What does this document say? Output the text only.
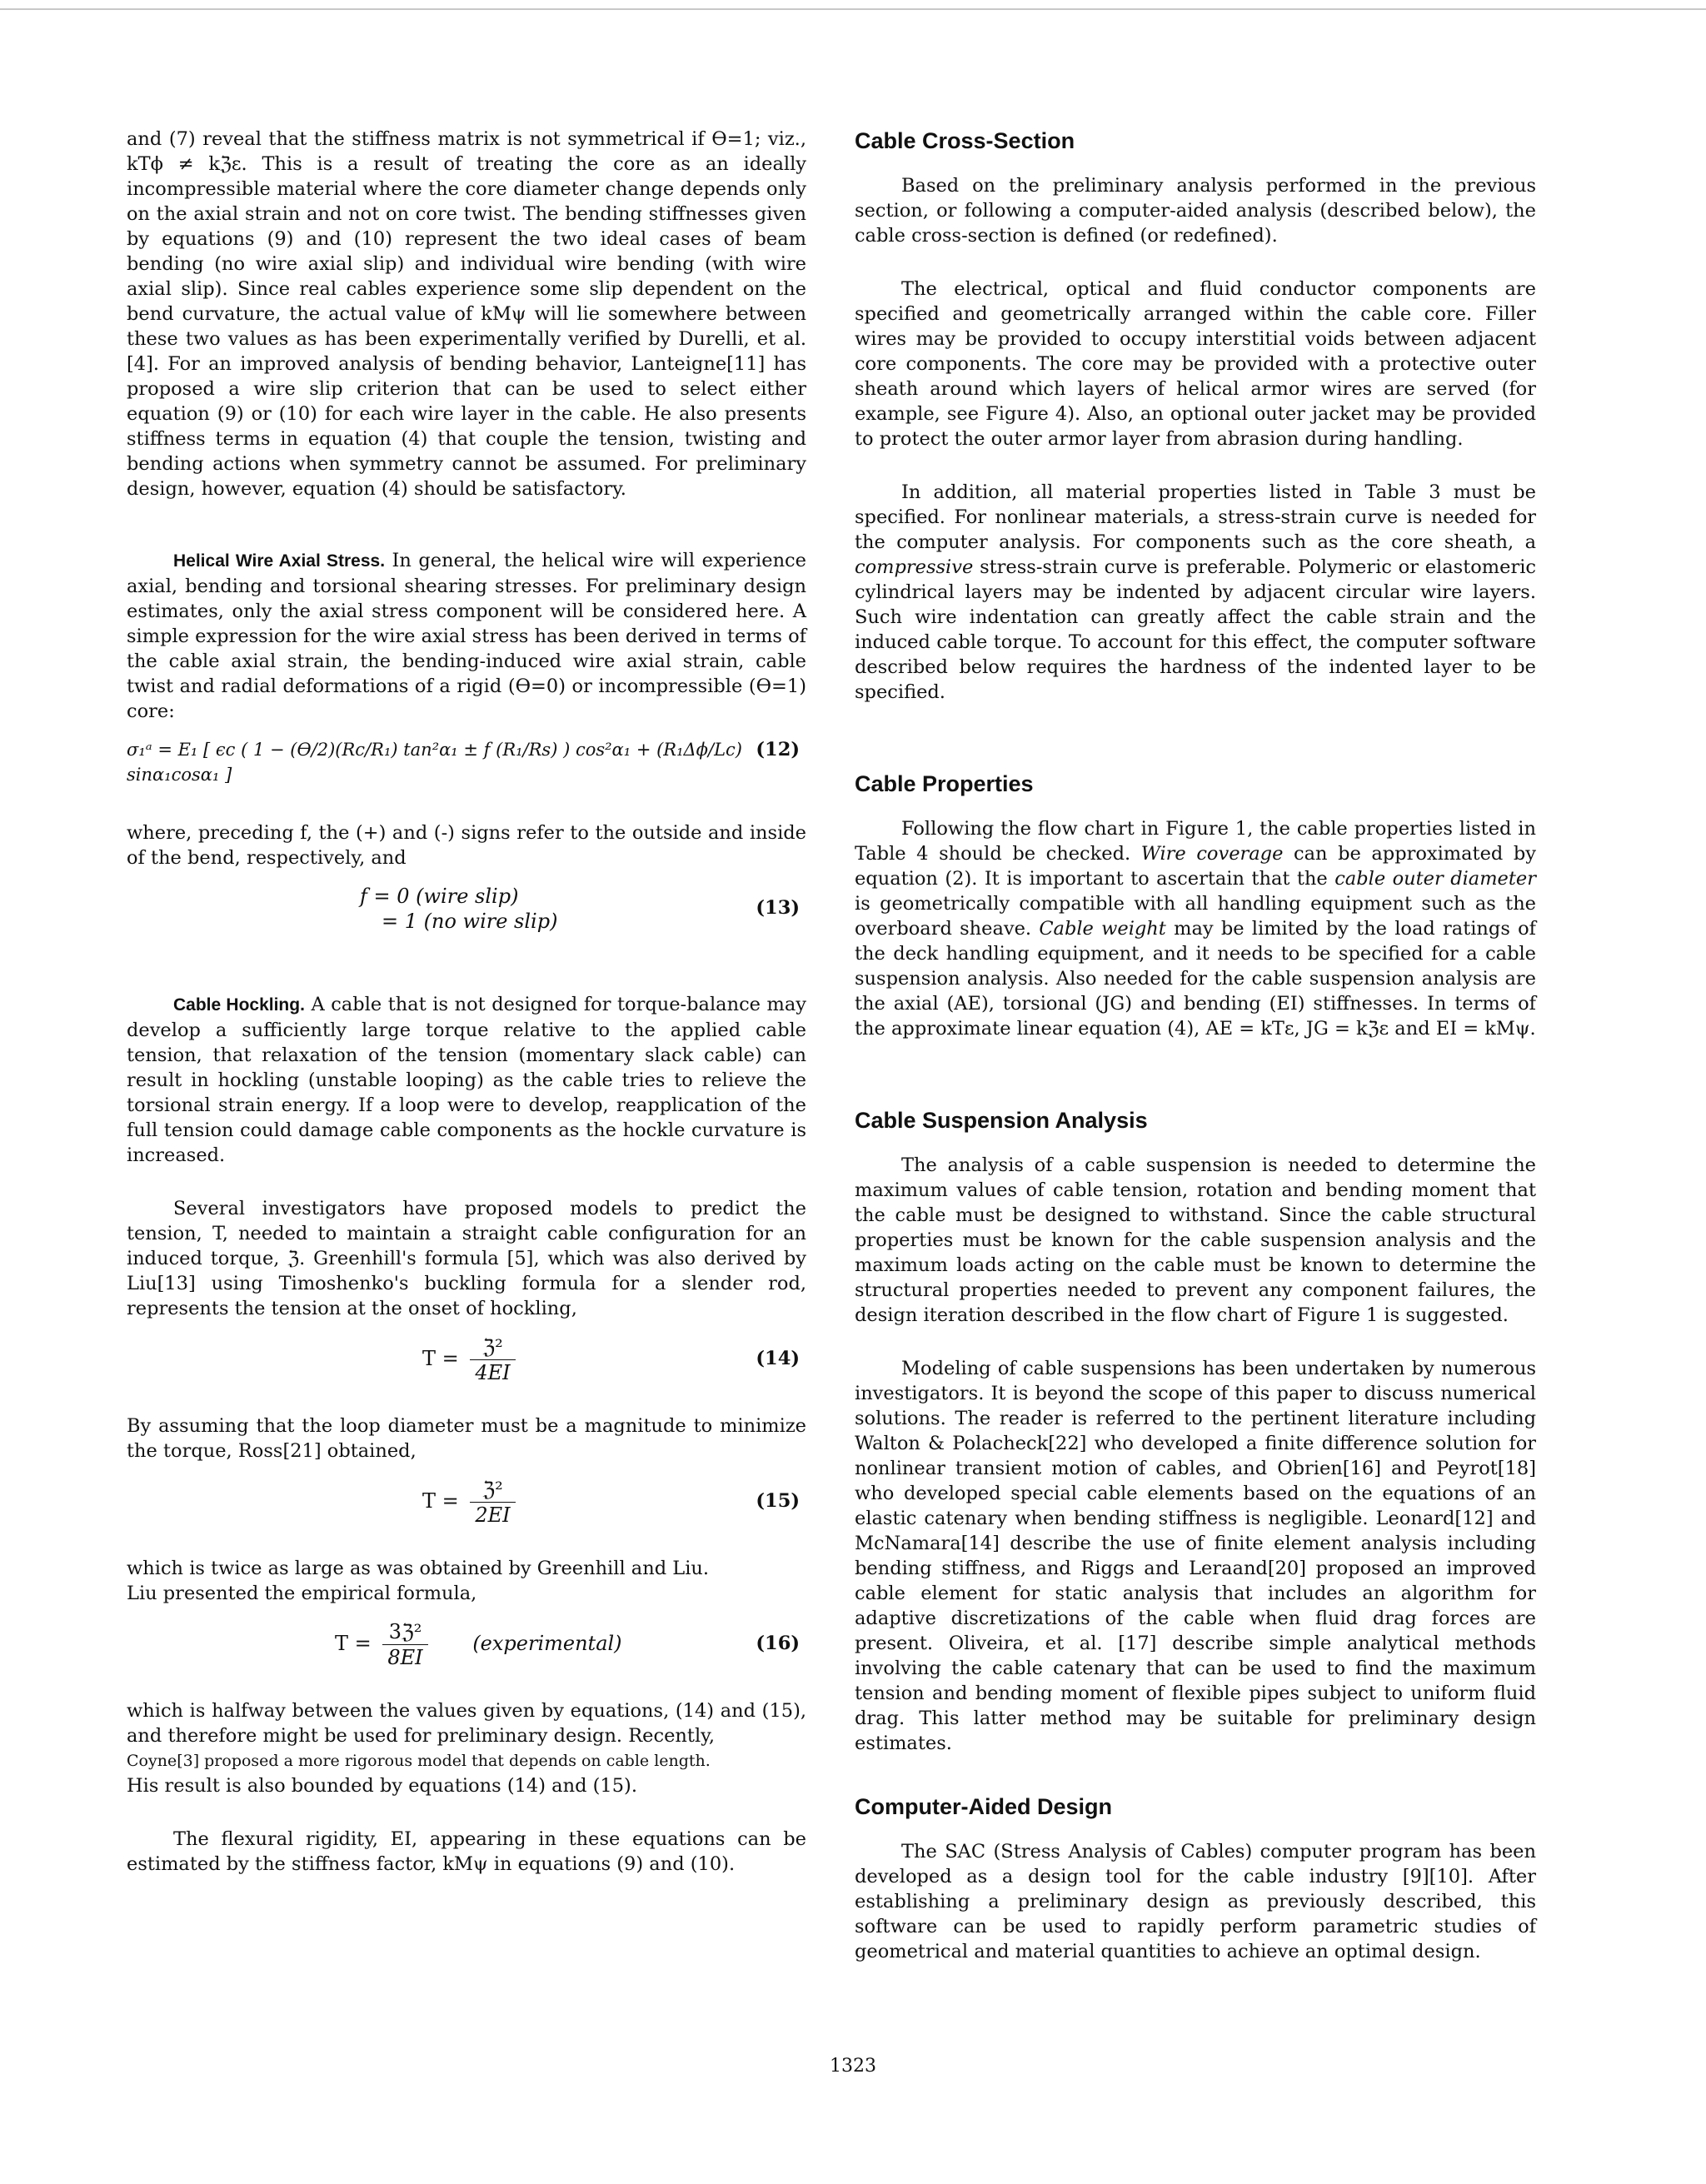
and (7) reveal that the stiffness matrix is not symmetrical if ϴ=1; viz., kTϕ ≠ kℨε. This is a result of treating the core as an ideally incompressible material where the core diameter change depends only on the axial strain and not on core twist. The bending stiffnesses given by equations (9) and (10) represent the two ideal cases of beam bending (no wire axial slip) and individual wire bending (with wire axial slip). Since real cables experience some slip dependent on the bend curvature, the actual value of kMψ will lie somewhere between these two values as has been experimentally verified by Durelli, et al. [4]. For an improved analysis of bending behavior, Lanteigne[11] has proposed a wire slip criterion that can be used to select either equation (9) or (10) for each wire layer in the cable. He also presents stiffness terms in equation (4) that couple the tension, twisting and bending actions when symmetry cannot be assumed. For preliminary design, however, equation (4) should be satisfactory.

Helical Wire Axial Stress. In general, the helical wire will experience axial, bending and torsional shearing stresses. For preliminary design estimates, only the axial stress component will be considered here. A simple expression for the wire axial stress has been derived in terms of the cable axial strain, the bending-induced wire axial strain, cable twist and radial deformations of a rigid (ϴ=0) or incompressible (ϴ=1) core:

σ₁ᵃ = E₁ [ ϵc ( 1 − (ϴ/2)(Rc/R₁) tan²α₁ ± f (R₁/Rs) ) cos²α₁ + (R₁Δϕ/Lc) sinα₁cosα₁ ]
(12)

where, preceding f, the (+) and (-) signs refer to the outside and inside of the bend, respectively, and

f = 0 (wire slip)
= 1 (no wire slip)
(13)

Cable Hockling. A cable that is not designed for torque-balance may develop a sufficiently large torque relative to the applied cable tension, that relaxation of the tension (momentary slack cable) can result in hockling (unstable looping) as the cable tries to relieve the torsional strain energy. If a loop were to develop, reapplication of the full tension could damage cable components as the hockle curvature is increased.

Several investigators have proposed models to predict the tension, T, needed to maintain a straight cable configuration for an induced torque, ℨ. Greenhill's formula [5], which was also derived by Liu[13] using Timoshenko's buckling formula for a slender rod, represents the tension at the onset of hockling,

$T = \frac{\text{ℨ²}}{4EI}$	(14)

By assuming that the loop diameter must be a magnitude to minimize the torque, Ross[21] obtained,

$T = \frac{\text{ℨ²}}{2EI}$	(15)

which is twice as large as was obtained by Greenhill and Liu.

Liu presented the empirical formula,

$T = \frac{\text{3ℨ²}}{8EI}$ (experimental)	(16)

which is halfway between the values given by equations, (14) and (15), and therefore might be used for preliminary design. Recently,

Coyne[3] proposed a more rigorous model that depends on cable length.

His result is also bounded by equations (14) and (15).

The flexural rigidity, EI, appearing in these equations can be estimated by the stiffness factor, kMψ in equations (9) and (10).

Cable Cross-Section

Based on the preliminary analysis performed in the previous section, or following a computer-aided analysis (described below), the cable cross-section is defined (or redefined).

The electrical, optical and fluid conductor components are specified and geometrically arranged within the cable core. Filler wires may be provided to occupy interstitial voids between adjacent core components. The core may be provided with a protective outer sheath around which layers of helical armor wires are served (for example, see Figure 4). Also, an optional outer jacket may be provided to protect the outer armor layer from abrasion during handling.

In addition, all material properties listed in Table 3 must be specified. For nonlinear materials, a stress-strain curve is needed for the computer analysis. For components such as the core sheath, a compressive stress-strain curve is preferable. Polymeric or elastomeric cylindrical layers may be indented by adjacent circular wire layers. Such wire indentation can greatly affect the cable strain and the induced cable torque. To account for this effect, the computer software described below requires the hardness of the indented layer to be specified.

Cable Properties

Following the flow chart in Figure 1, the cable properties listed in Table 4 should be checked. Wire coverage can be approximated by equation (2). It is important to ascertain that the cable outer diameter is geometrically compatible with all handling equipment such as the overboard sheave. Cable weight may be limited by the load ratings of the deck handling equipment, and it needs to be specified for a cable suspension analysis. Also needed for the cable suspension analysis are the axial (AE), torsional (JG) and bending (EI) stiffnesses. In terms of the approximate linear equation (4), AE = kTε, JG = kℨε and EI = kMψ.

Cable Suspension Analysis

The analysis of a cable suspension is needed to determine the maximum values of cable tension, rotation and bending moment that the cable must be designed to withstand. Since the cable structural properties must be known for the cable suspension analysis and the maximum loads acting on the cable must be known to determine the structural properties needed to prevent any component failures, the design iteration described in the flow chart of Figure 1 is suggested.

Modeling of cable suspensions has been undertaken by numerous investigators. It is beyond the scope of this paper to discuss numerical solutions. The reader is referred to the pertinent literature including Walton & Polacheck[22] who developed a finite difference solution for nonlinear transient motion of cables, and Obrien[16] and Peyrot[18] who developed special cable elements based on the equations of an elastic catenary when bending stiffness is negligible. Leonard[12] and McNamara[14] describe the use of finite element analysis including bending stiffness, and Riggs and Leraand[20] proposed an improved cable element for static analysis that includes an algorithm for adaptive discretizations of the cable when fluid drag forces are present. Oliveira, et al. [17] describe simple analytical methods involving the cable catenary that can be used to find the maximum tension and bending moment of flexible pipes subject to uniform fluid drag. This latter method may be suitable for preliminary design estimates.

Computer-Aided Design

The SAC (Stress Analysis of Cables) computer program has been developed as a design tool for the cable industry [9][10]. After establishing a preliminary design as previously described, this software can be used to rapidly perform parametric studies of geometrical and material quantities to achieve an optimal design.

1323
